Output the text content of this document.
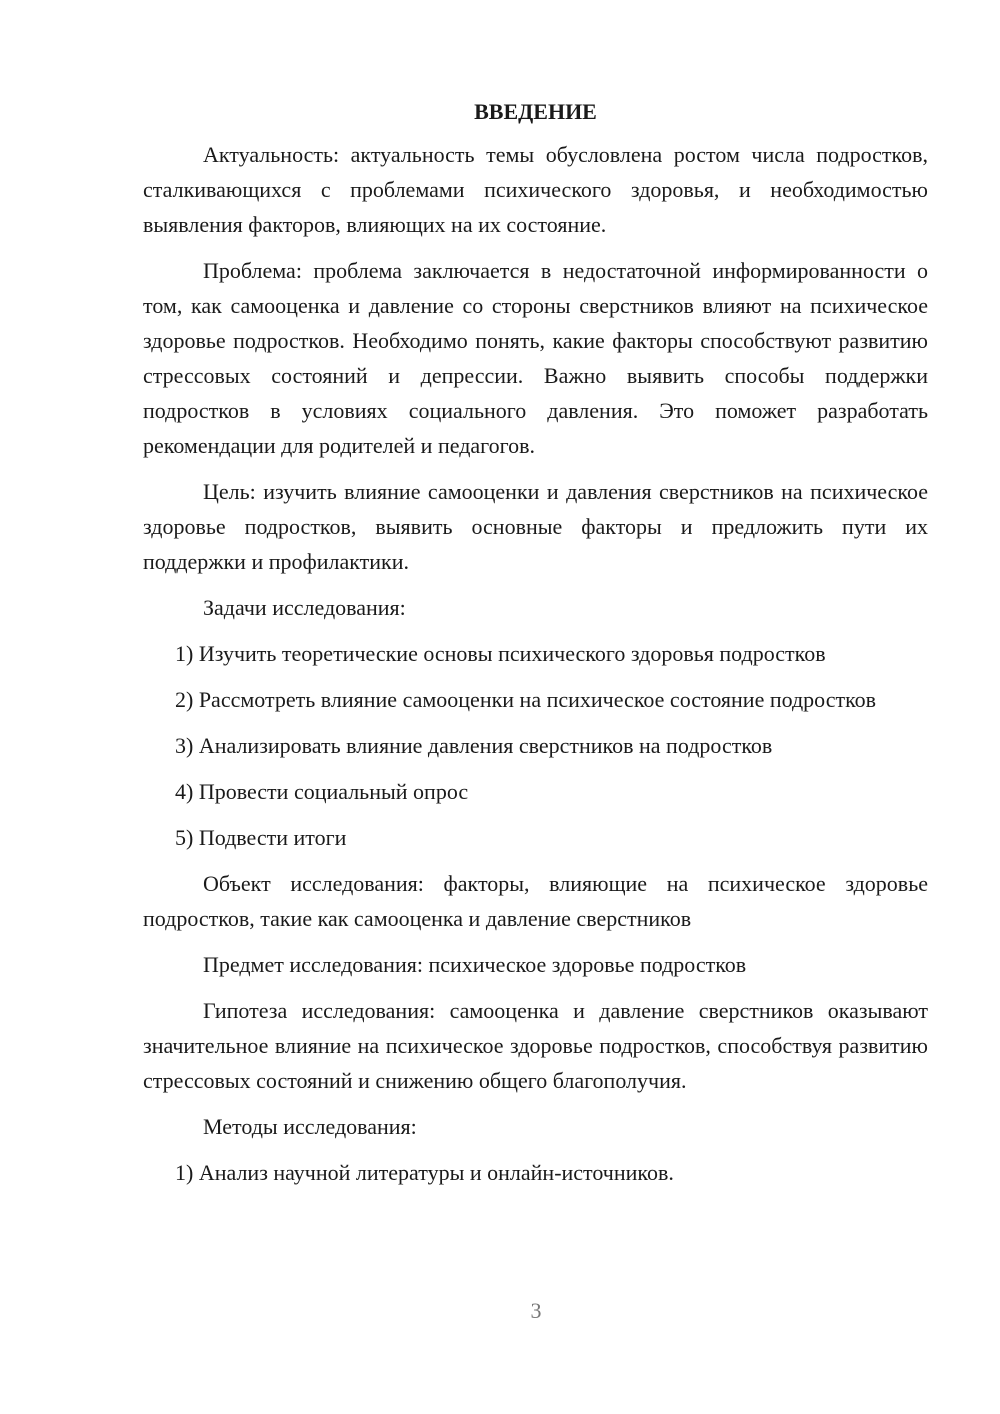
ВВЕДЕНИЕ

Актуальность: актуальность темы обусловлена ростом числа подростков, сталкивающихся с проблемами психического здоровья, и необходимостью выявления факторов, влияющих на их состояние.

Проблема: проблема заключается в недостаточной информированности о том, как самооценка и давление со стороны сверстников влияют на психическое здоровье подростков. Необходимо понять, какие факторы способствуют развитию стрессовых состояний и депрессии. Важно выявить способы поддержки подростков в условиях социального давления. Это поможет разработать рекомендации для родителей и педагогов.

Цель: изучить влияние самооценки и давления сверстников на психическое здоровье подростков, выявить основные факторы и предложить пути их поддержки и профилактики.

Задачи исследования:

1) Изучить теоретические основы психического здоровья подростков

2) Рассмотреть влияние самооценки на психическое состояние подростков

3) Анализировать влияние давления сверстников на подростков

4) Провести социальный опрос

5) Подвести итоги

Объект исследования: факторы, влияющие на психическое здоровье подростков, такие как самооценка и давление сверстников

Предмет исследования: психическое здоровье подростков

Гипотеза исследования: самооценка и давление сверстников оказывают значительное влияние на психическое здоровье подростков, способствуя развитию стрессовых состояний и снижению общего благополучия.

Методы исследования:

1) Анализ научной литературы и онлайн-источников.

3
